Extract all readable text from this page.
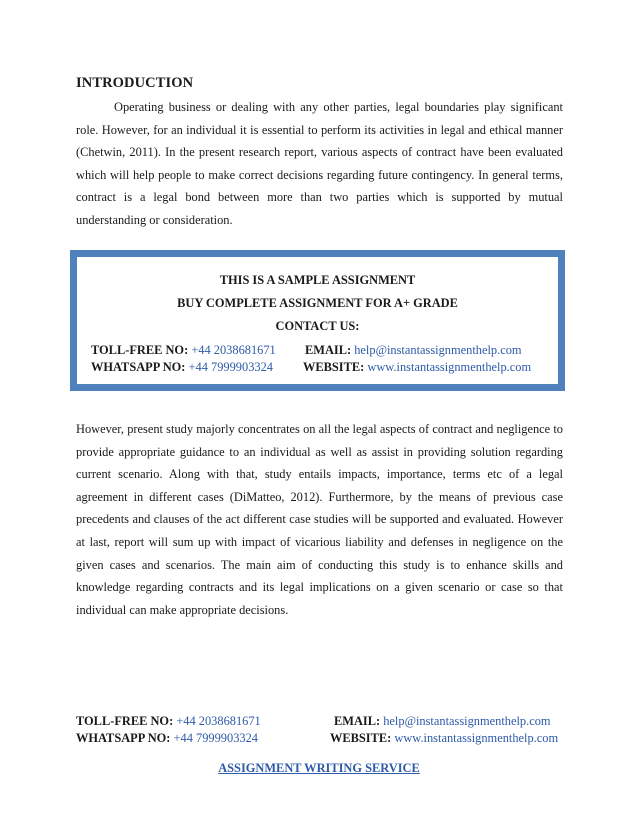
INTRODUCTION

Operating business or dealing with any other parties, legal boundaries play significant role. However, for an individual it is essential to perform its activities in legal and ethical manner (Chetwin, 2011). In the present research report, various aspects of contract have been evaluated which will help people to make correct decisions regarding future contingency. In general terms, contract is a legal bond between more than two parties which is supported by mutual understanding or consideration.

THIS IS A SAMPLE ASSIGNMENT
BUY COMPLETE ASSIGNMENT FOR A+ GRADE
CONTACT US:
TOLL-FREE NO: +44 2038681671
WHATSAPP NO: +44 7999903324
EMAIL: help@instantassignmenthelp.com
WEBSITE: www.instantassignmenthelp.com

However, present study majorly concentrates on all the legal aspects of contract and negligence to provide appropriate guidance to an individual as well as assist in providing solution regarding current scenario. Along with that, study entails impacts, importance, terms etc of a legal agreement in different cases (DiMatteo, 2012). Furthermore, by the means of previous case precedents and clauses of the act different case studies will be supported and evaluated. However at last, report will sum up with impact of vicarious liability and defenses in negligence on the given cases and scenarios. The main aim of conducting this study is to enhance skills and knowledge regarding contracts and its legal implications on a given scenario or case so that individual can make appropriate decisions.

TOLL-FREE NO: +44 2038681671
WHATSAPP NO: +44 7999903324
EMAIL: help@instantassignmenthelp.com
WEBSITE: www.instantassignmenthelp.com
ASSIGNMENT WRITING SERVICE
